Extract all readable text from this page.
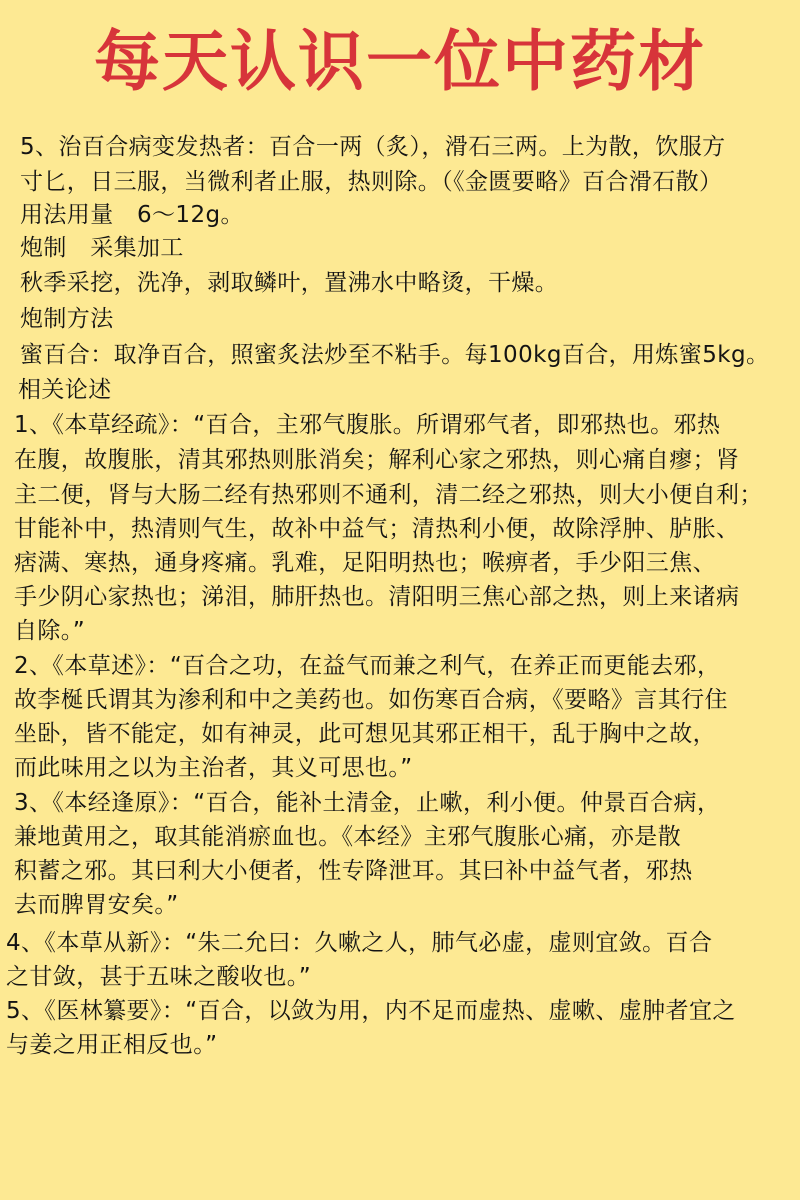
每天认识一位中药材
5、治百合病变发热者：百合一两（炙），滑石三两。上为散，饮服方
寸匕，日三服，当微利者止服，热则除。（《金匮要略》百合滑石散）
用法用量　6～12g。
炮制　采集加工
秋季采挖，洗净，剥取鳞叶，置沸水中略烫，干燥。
炮制方法
蜜百合：取净百合，照蜜炙法炒至不粘手。每100kg百合，用炼蜜5kg。
相关论述
1、《本草经疏》：“百合，主邪气腹胀。所谓邪气者，即邪热也。邪热
在腹，故腹胀，清其邪热则胀消矣；解利心家之邪热，则心痛自瘳；肾
主二便，肾与大肠二经有热邪则不通利，清二经之邪热，则大小便自利；
甘能补中，热清则气生，故补中益气；清热利小便，故除浮肿、胪胀、
痞满、寒热，通身疼痛。乳难，足阳明热也；喉痹者，手少阳三焦、
手少阴心家热也；涕泪，肺肝热也。清阳明三焦心部之热，则上来诸病
自除。”
2、《本草述》：“百合之功，在益气而兼之利气，在养正而更能去邪，
故李梴氏谓其为渗利和中之美药也。如伤寒百合病，《要略》言其行住
坐卧，皆不能定，如有神灵，此可想见其邪正相干，乱于胸中之故，
而此味用之以为主治者，其义可思也。”
3、《本经逢原》：“百合，能补土清金，止嗽，利小便。仲景百合病，
兼地黄用之，取其能消瘀血也。《本经》主邪气腹胀心痛，亦是散
积蓄之邪。其曰利大小便者，性专降泄耳。其曰补中益气者，邪热
去而脾胃安矣。”
4、《本草从新》：“朱二允曰：久嗽之人，肺气必虚，虚则宜敛。百合
之甘敛，甚于五味之酸收也。”
5、《医林纂要》：“百合，以敛为用，内不足而虚热、虚嗽、虚肿者宜之
与姜之用正相反也。”
